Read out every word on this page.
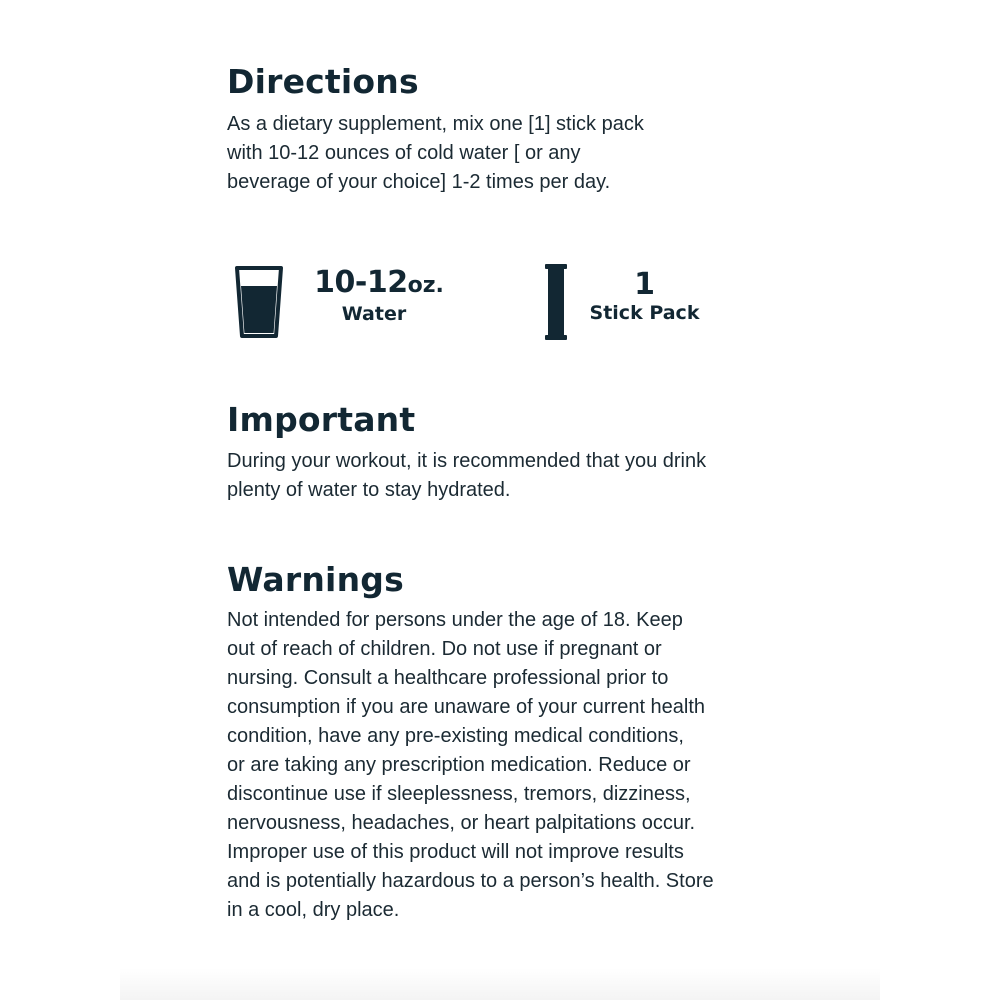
Directions

As a dietary supplement, mix one [1] stick pack
with 10-12 ounces of cold water [ or any
beverage of your choice] 1-2 times per day.

10-12oz.
Water
1
Stick Pack
Important

During your workout, it is recommended that you drink
plenty of water to stay hydrated.

Warnings

Not intended for persons under the age of 18. Keep
out of reach of children. Do not use if pregnant or
nursing. Consult a healthcare professional prior to
consumption if you are unaware of your current health
condition, have any pre-existing medical conditions,
or are taking any prescription medication. Reduce or
discontinue use if sleeplessness, tremors, dizziness,
nervousness, headaches, or heart palpitations occur.
Improper use of this product will not improve results
and is potentially hazardous to a person’s health. Store
in a cool, dry place.
